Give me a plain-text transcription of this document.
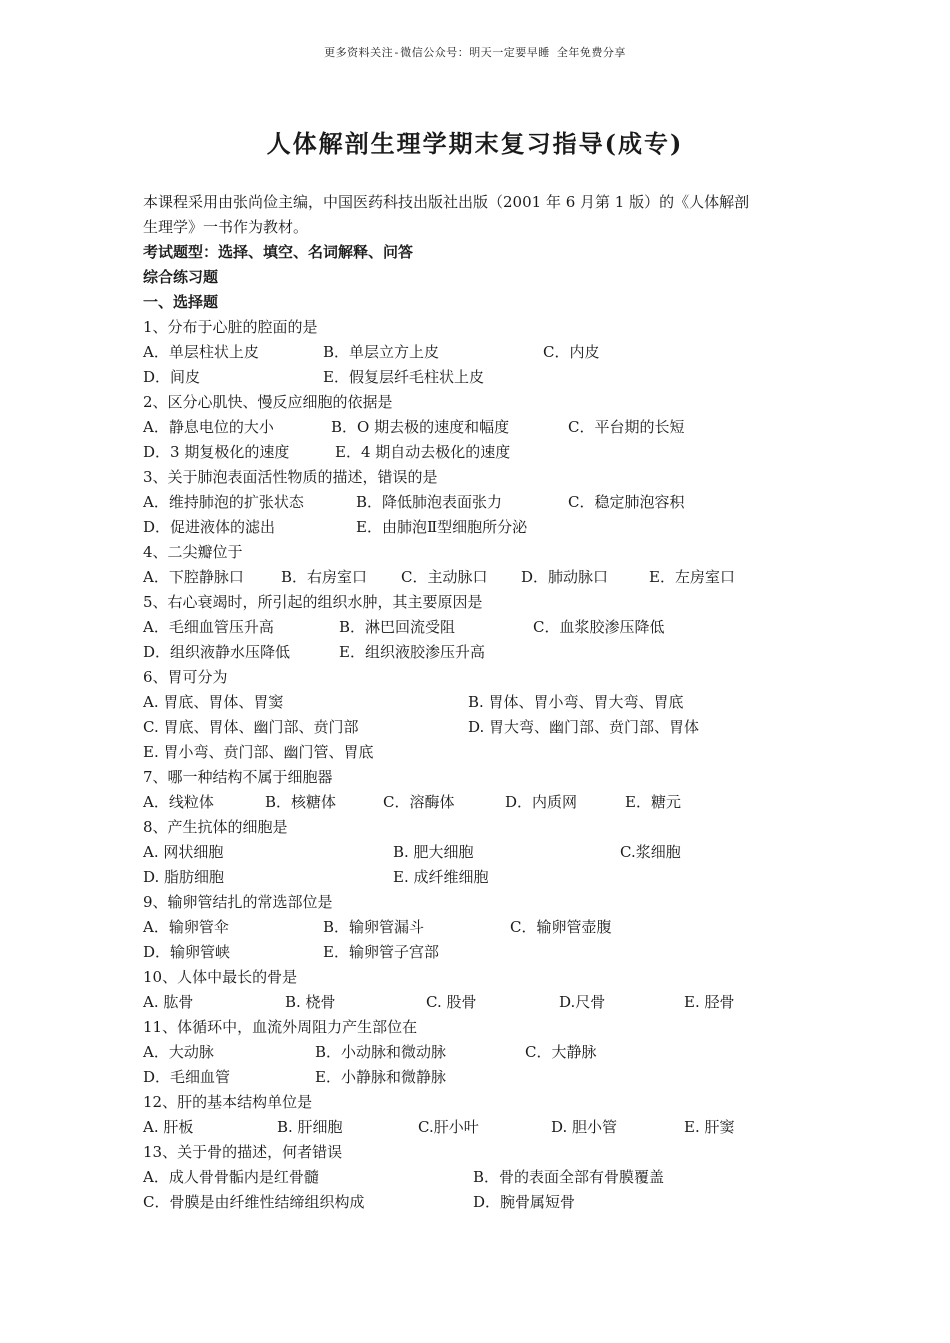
更多资料关注-微信公众号：明天一定要早睡 全年免费分享
人体解剖生理学期末复习指导(成专)
本课程采用由张尚俭主编，中国医药科技出版社出版（2001 年 6 月第 1 版）的《人体解剖
生理学》一书作为教材。
考试题型：选择、填空、名词解释、问答
综合练习题
一、选择题
1、分布于心脏的腔面的是
A．单层柱状上皮	B．单层立方上皮	C．内皮
D．间皮	E．假复层纤毛柱状上皮
2、区分心肌快、慢反应细胞的依据是
A．静息电位的大小	B．O 期去极的速度和幅度	C．平台期的长短
D．3 期复极化的速度	E．4 期自动去极化的速度
3、关于肺泡表面活性物质的描述，错误的是
A．维持肺泡的扩张状态	B．降低肺泡表面张力	C．稳定肺泡容积
D．促进液体的滤出	E．由肺泡Ⅱ型细胞所分泌
4、二尖瓣位于
A．下腔静脉口 B．右房室口 C．主动脉口 D．肺动脉口	E．左房室口
5、右心衰竭时，所引起的组织水肿，其主要原因是
A．毛细血管压升高	B．淋巴回流受阻	C．血浆胶渗压降低
D．组织液静水压降低	E．组织液胶渗压升高
6、胃可分为
A. 胃底、胃体、胃窦	B. 胃体、胃小弯、胃大弯、胃底
C. 胃底、胃体、幽门部、贲门部	D. 胃大弯、幽门部、贲门部、胃体
E. 胃小弯、贲门部、幽门管、胃底
7、哪一种结构不属于细胞器
A．线粒体	B．核糖体	C．溶酶体	D．内质网	E．糖元
8、产生抗体的细胞是
A. 网状细胞	B. 肥大细胞	C.浆细胞
D. 脂肪细胞	E. 成纤维细胞
9、输卵管结扎的常选部位是
A．输卵管伞	B．输卵管漏斗	C．输卵管壶腹
D．输卵管峡	E．输卵管子宫部
10、人体中最长的骨是
A. 肱骨	B. 桡骨	C. 股骨	D.尺骨	E. 胫骨
11、体循环中，血流外周阻力产生部位在
A．大动脉	B．小动脉和微动脉	C．大静脉
D．毛细血管	E．小静脉和微静脉
12、肝的基本结构单位是
A. 肝板	B. 肝细胞	C.肝小叶	D. 胆小管	E. 肝窦
13、关于骨的描述，何者错误
A．成人骨骨骺内是红骨髓	B．骨的表面全部有骨膜覆盖
C．骨膜是由纤维性结缔组织构成	D．腕骨属短骨
